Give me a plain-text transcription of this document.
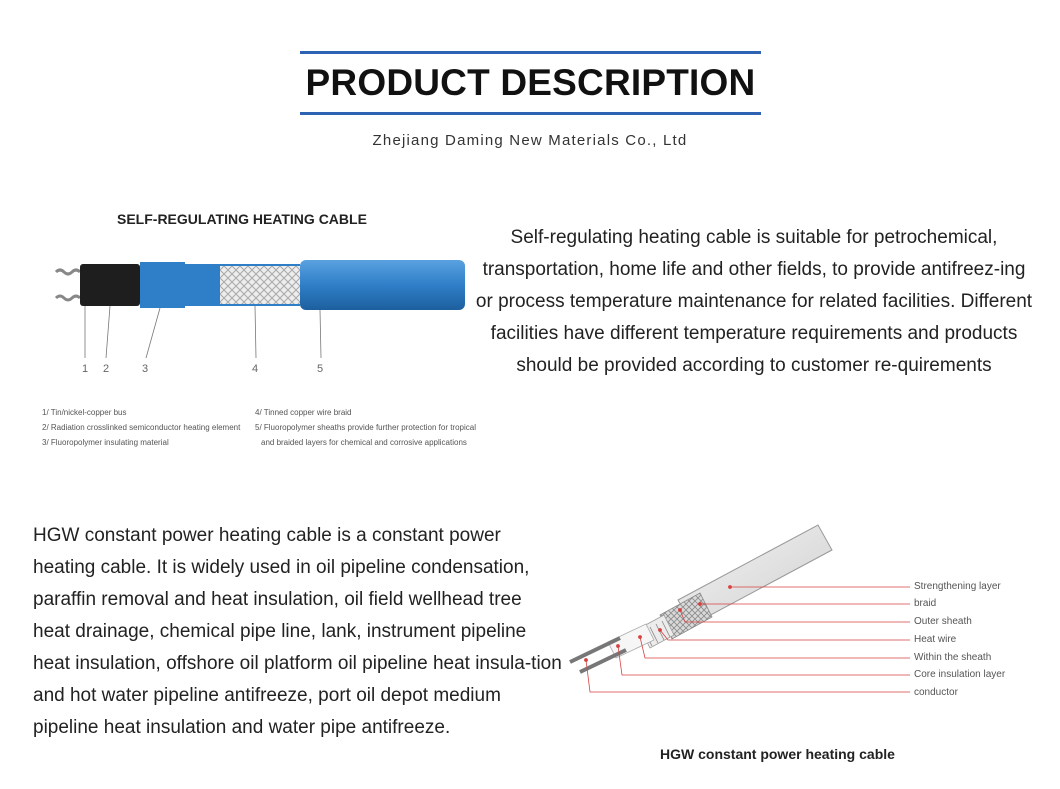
PRODUCT DESCRIPTION
Zhejiang Daming New Materials Co., Ltd
SELF-REGULATING HEATING CABLE
1 2	3	4	5
1/ Tin/nickel-copper bus
2/ Radiation crosslinked semiconductor heating element
3/ Fluoropolymer insulating material
4/ Tinned copper wire braid
5/ Fluoropolymer sheaths provide further protection for tropical
and braided layers for chemical and corrosive applications
Self-regulating heating cable is suitable for petrochemical, transportation, home life and other fields, to provide antifreez-ing or process temperature maintenance for related facilities. Different facilities have different temperature requirements and products should be provided according to customer re-quirements
HGW constant power heating cable is a constant power heating cable. It is widely used in oil pipeline condensation, paraffin removal and heat insulation, oil field wellhead tree heat drainage, chemical pipe line, lank, instrument pipeline heat insulation, offshore oil platform oil pipeline heat insula-tion and hot water pipeline antifreeze, port oil depot medium pipeline heat insulation and water pipe antifreeze.
Strengthening layer
braid
Outer sheath
Heat wire
Within the sheath
Core insulation layer
conductor
HGW constant power heating cable
